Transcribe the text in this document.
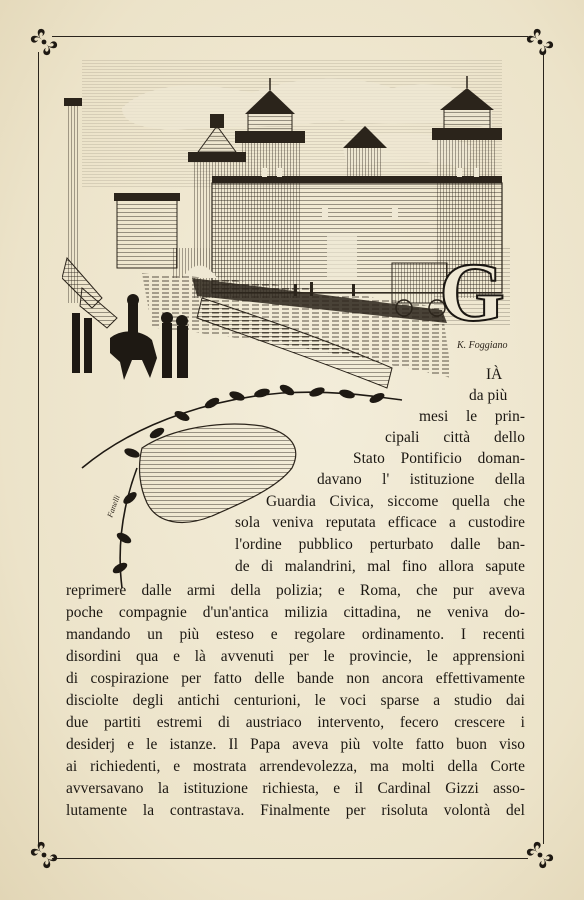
G
K. Foggiano
Fanelli

IÀ

da più

mesi le prin-

cipali città dello

Stato Pontificio doman-

davano l' istituzione della

Guardia Civica, siccome quella che

sola veniva reputata efficace a custodire

l'ordine pubblico perturbato dalle ban-

de di malandrini, mal fino allora sapute

reprimere dalle armi della polizia; e Roma, che pur aveva

poche compagnie d'un'antica milizia cittadina, ne veniva do-

mandando un più esteso e regolare ordinamento. I recenti

disordini qua e là avvenuti per le provincie, le apprensioni

di cospirazione per fatto delle bande non ancora effettivamente

disciolte degli antichi centurioni, le voci sparse a studio dai

due partiti estremi di austriaco intervento, fecero crescere i

desiderj e le istanze. Il Papa aveva più volte fatto buon viso

ai richiedenti, e mostrata arrendevolezza, ma molti della Corte

avversavano la istituzione richiesta, e il Cardinal Gizzi asso-

lutamente la contrastava. Finalmente per risoluta volontà del
